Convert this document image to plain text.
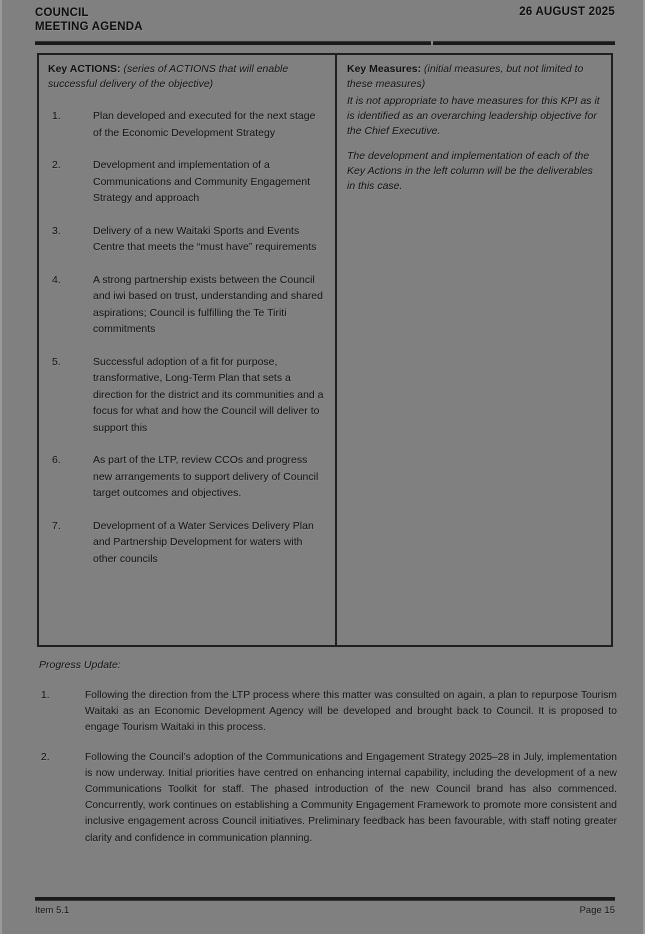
COUNCIL
MEETING AGENDA
26 AUGUST 2025
Key ACTIONS: (series of ACTIONS that will enable successful delivery of the objective)
1.	Plan developed and executed for the next stage of the Economic Development Strategy
2.	Development and implementation of a Communications and Community Engagement Strategy and approach
3.	Delivery of a new Waitaki Sports and Events Centre that meets the “must have” requirements
4.	A strong partnership exists between the Council and iwi based on trust, understanding and shared aspirations; Council is fulfilling the Te Tiriti commitments
5.	Successful adoption of a fit for purpose, transformative, Long-Term Plan that sets a direction for the district and its communities and a focus for what and how the Council will deliver to support this
6.	As part of the LTP, review CCOs and progress new arrangements to support delivery of Council target outcomes and objectives.
7.	Development of a Water Services Delivery Plan and Partnership Development for waters with other councils
Key Measures: (initial measures, but not limited to these measures)

It is not appropriate to have measures for this KPI as it is identified as an overarching leadership objective for the Chief Executive.

The development and implementation of each of the Key Actions in the left column will be the deliverables in this case.

Progress Update:
1.	Following the direction from the LTP process where this matter was consulted on again, a plan to repurpose Tourism Waitaki as an Economic Development Agency will be developed and brought back to Council. It is proposed to engage Tourism Waitaki in this process.
2.	Following the Council’s adoption of the Communications and Engagement Strategy 2025–28 in July, implementation is now underway. Initial priorities have centred on enhancing internal capability, including the development of a new Communications Toolkit for staff. The phased introduction of the new Council brand has also commenced. Concurrently, work continues on establishing a Community Engagement Framework to promote more consistent and inclusive engagement across Council initiatives. Preliminary feedback has been favourable, with staff noting greater clarity and confidence in communication planning.
Item 5.1	Page 15
